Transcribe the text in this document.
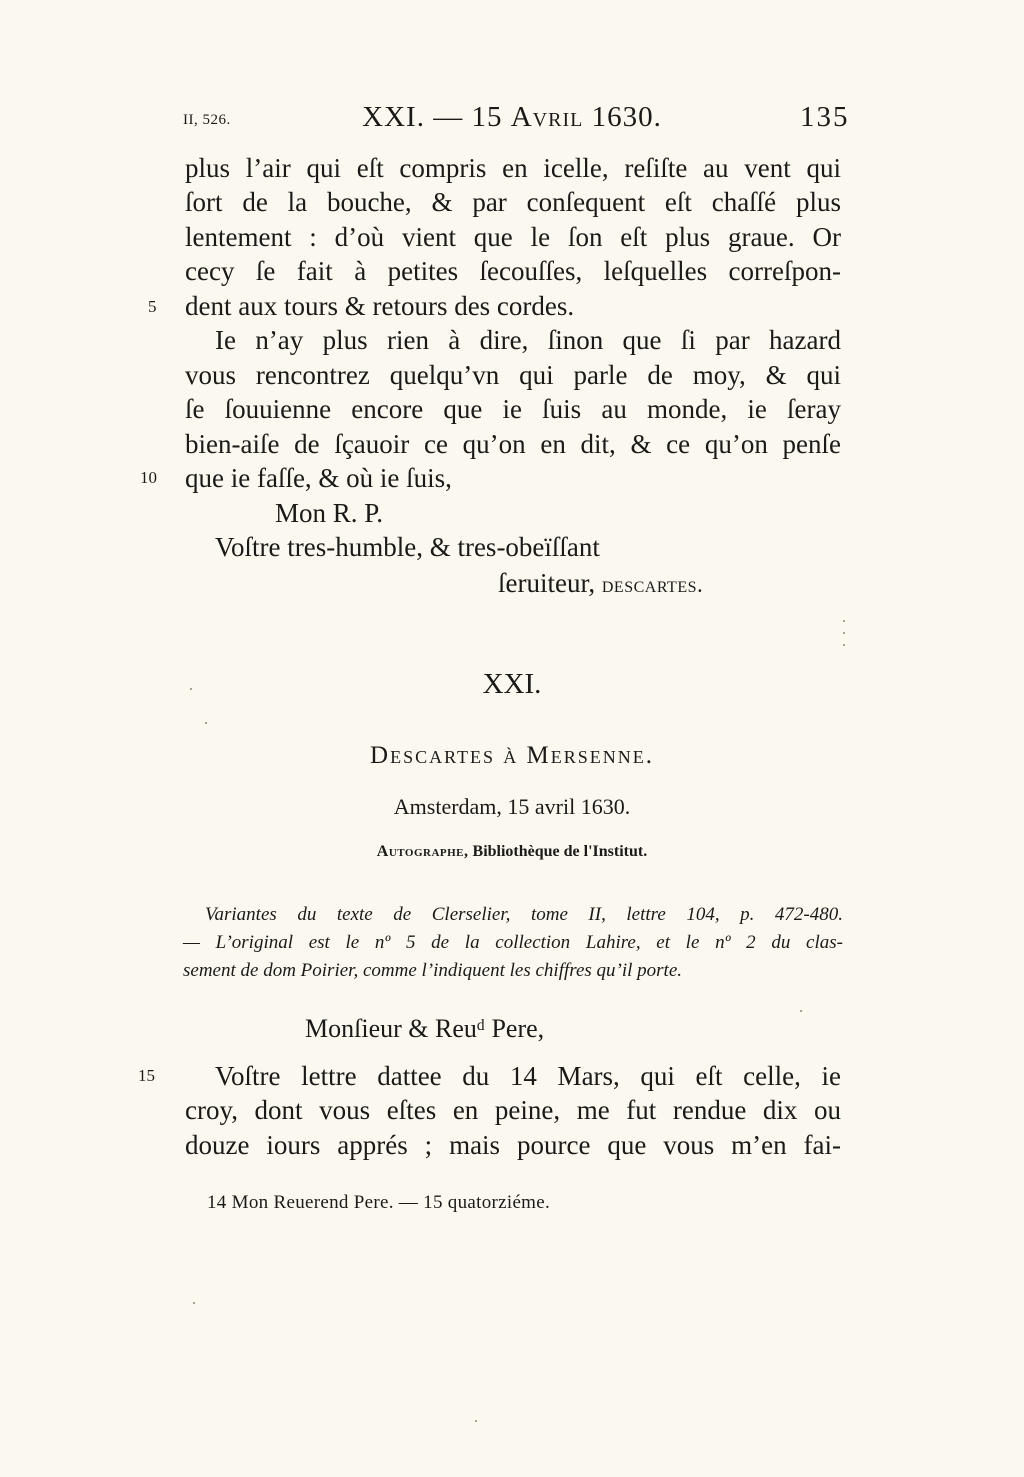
II, 526.	XXI. — 15 Avril 1630.	135
plus l’air qui eſt compris en icelle, reſiſte au vent qui
ſort de la bouche, & par conſequent eſt chaſſé plus
lentement : d’où vient que le ſon eſt plus graue. Or
cecy ſe fait à petites ſecouſſes, leſquelles correſpon-
dent aux tours & retours des cordes.
Ie n’ay plus rien à dire, ſinon que ſi par hazard
vous rencontrez quelqu’vn qui parle de moy, & qui
ſe ſouuienne encore que ie ſuis au monde, ie ſeray
bien-aiſe de ſçauoir ce qu’on en dit, & ce qu’on penſe
que ie faſſe, & où ie ſuis,
5
10
Mon R. P.
Voſtre tres-humble, & tres-obeïſſant
ſeruiteur, descartes.
XXI.
Descartes à Mersenne.
Amsterdam, 15 avril 1630.
Autographe, Bibliothèque de l'Institut.
Variantes du texte de Clerselier, tome II, lettre 104, p. 472-480.
— L’original est le nº 5 de la collection Lahire, et le nº 2 du clas-
sement de dom Poirier, comme l’indiquent les chiffres qu’il porte.
Monſieur & Reuᵈ Pere,
Voſtre lettre dattee du 14 Mars, qui eſt celle, ie
croy, dont vous eſtes en peine, me fut rendue dix ou
douze iours apprés ; mais pource que vous m’en fai-
15
14 Mon Reuerend Pere. — 15 quatorziéme.
